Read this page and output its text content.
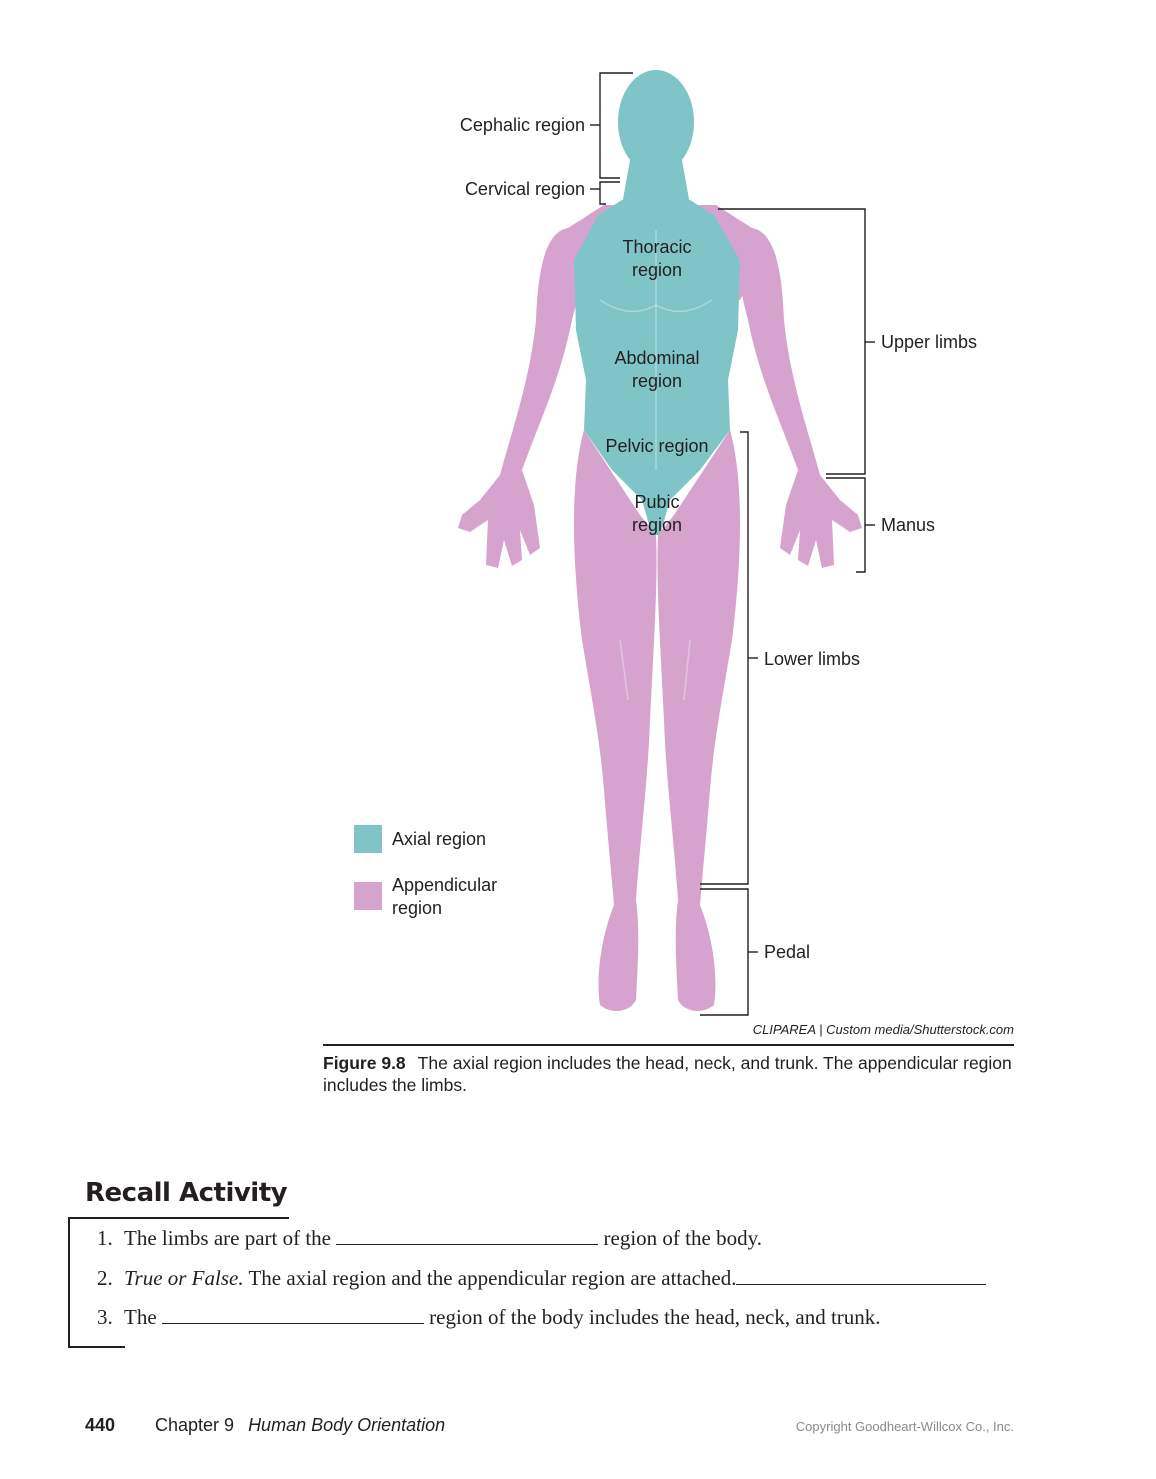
Cephalic region
Cervical region
Thoracic
region
Abdominal
region
Pelvic region
Pubic
region
Upper limbs
Manus
Lower limbs
Pedal
Axial region
Appendicular
region
CLIPAREA | Custom media/Shutterstock.com
Figure 9.8 The axial region includes the head, neck, and trunk. The appendicular region includes the limbs.
Recall Activity
1. The limbs are part of the	region of the body.
2. True or False. The axial region and the appendicular region are attached.
3. The	region of the body includes the head, neck, and trunk.
440 Chapter 9 Human Body Orientation	Copyright Goodheart-Willcox Co., Inc.
